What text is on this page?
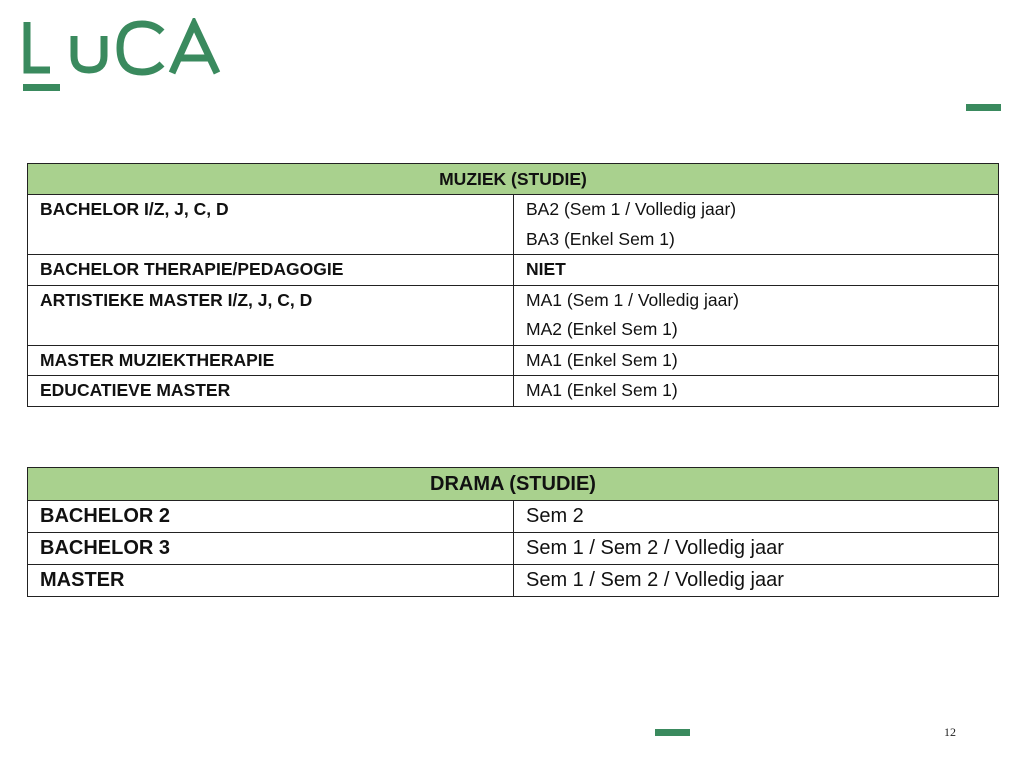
MUZIEK (STUDIE)	
BACHELOR I/Z, J, C, D	BA2 (Sem 1 / Volledig jaar)
BA3 (Enkel Sem 1)

BACHELOR THERAPIE/PEDAGOGIE	NIET

ARTISTIEKE MASTER I/Z, J, C, D	MA1 (Sem 1 / Volledig jaar)
MA2 (Enkel Sem 1)

MASTER MUZIEKTHERAPIE	MA1 (Enkel Sem 1)

EDUCATIEVE MASTER	MA1 (Enkel Sem 1)
DRAMA (STUDIE)	
BACHELOR 2	Sem 2
BACHELOR 3	Sem 1 / Sem 2 / Volledig jaar
MASTER	Sem 1 / Sem 2 / Volledig jaar
12
